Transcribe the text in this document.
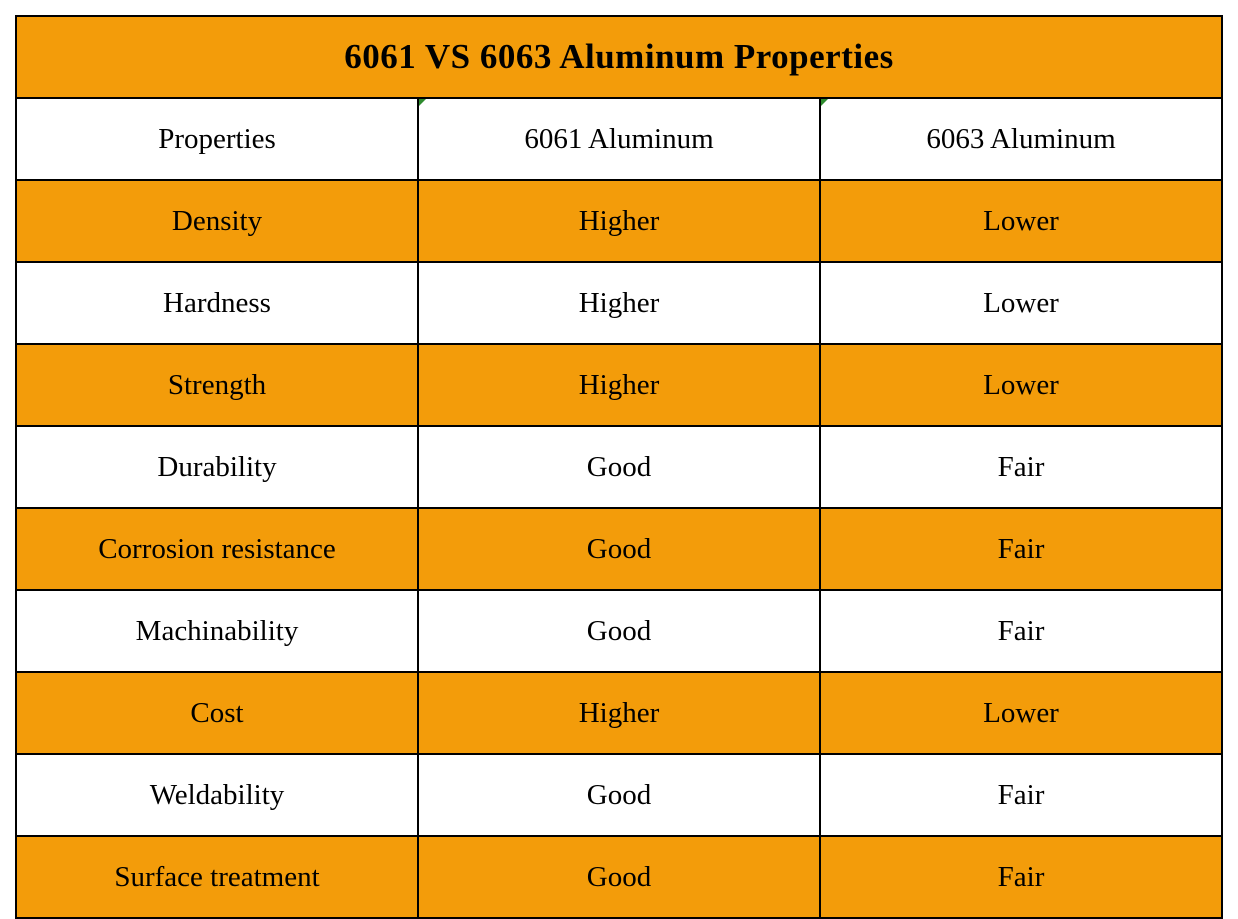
6061 VS 6063 Aluminum Properties		
Properties	6061 Aluminum	6063 Aluminum
Density	Higher	Lower
Hardness	Higher	Lower
Strength	Higher	Lower
Durability	Good	Fair
Corrosion resistance	Good	Fair
Machinability	Good	Fair
Cost	Higher	Lower
Weldability	Good	Fair
Surface treatment	Good	Fair
